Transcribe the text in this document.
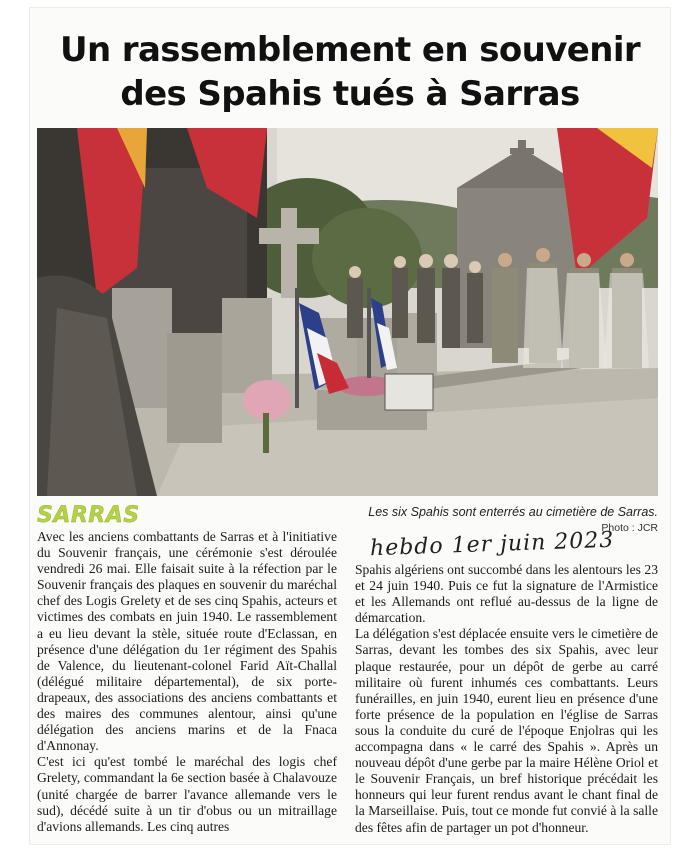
Un rassemblement en souvenir
des Spahis tués à Sarras
SARRAS	Les six Spahis sont enterrés au cimetière de Sarras.
Photo : JCR
hebdo 1er juin 2023

Avec les anciens combattants de Sarras et à l'initiative du Souvenir français, une cérémonie s'est déroulée vendredi 26 mai. Elle faisait suite à la réfection par le Souvenir français des plaques en souvenir du maréchal chef des Logis Grelety et de ses cinq Spahis, acteurs et victimes des combats en juin 1940. Le rassemblement a eu lieu devant la stèle, située route d'Eclassan, en présence d'une délégation du 1er régiment des Spahis de Valence, du lieutenant-colonel Farid Aït-Challal (délégué militaire départemental), de six porte-drapeaux, des associations des anciens combattants et des maires des communes alentour, ainsi qu'une délégation des anciens marins et de la Fnaca d'Annonay.

C'est ici qu'est tombé le maréchal des logis chef Grelety, commandant la 6e section basée à Chalavouze (unité chargée de barrer l'avance allemande vers le sud), décédé suite à un tir d'obus ou un mitraillage d'avions allemands. Les cinq autres

Spahis algériens ont succombé dans les alentours les 23 et 24 juin 1940. Puis ce fut la signature de l'Armistice et les Allemands ont reflué au-dessus de la ligne de démarcation.

La délégation s'est déplacée ensuite vers le cimetière de Sarras, devant les tombes des six Spahis, avec leur plaque restaurée, pour un dépôt de gerbe au carré militaire où furent inhumés ces combattants. Leurs funérailles, en juin 1940, eurent lieu en présence d'une forte présence de la population en l'église de Sarras sous la conduite du curé de l'époque Enjolras qui les accompagna dans « le carré des Spahis ». Après un nouveau dépôt d'une gerbe par la maire Hélène Oriol et le Souvenir Français, un bref historique précédait les honneurs qui leur furent rendus avant le chant final de la Marseillaise. Puis, tout ce monde fut convié à la salle des fêtes afin de partager un pot d'honneur.
